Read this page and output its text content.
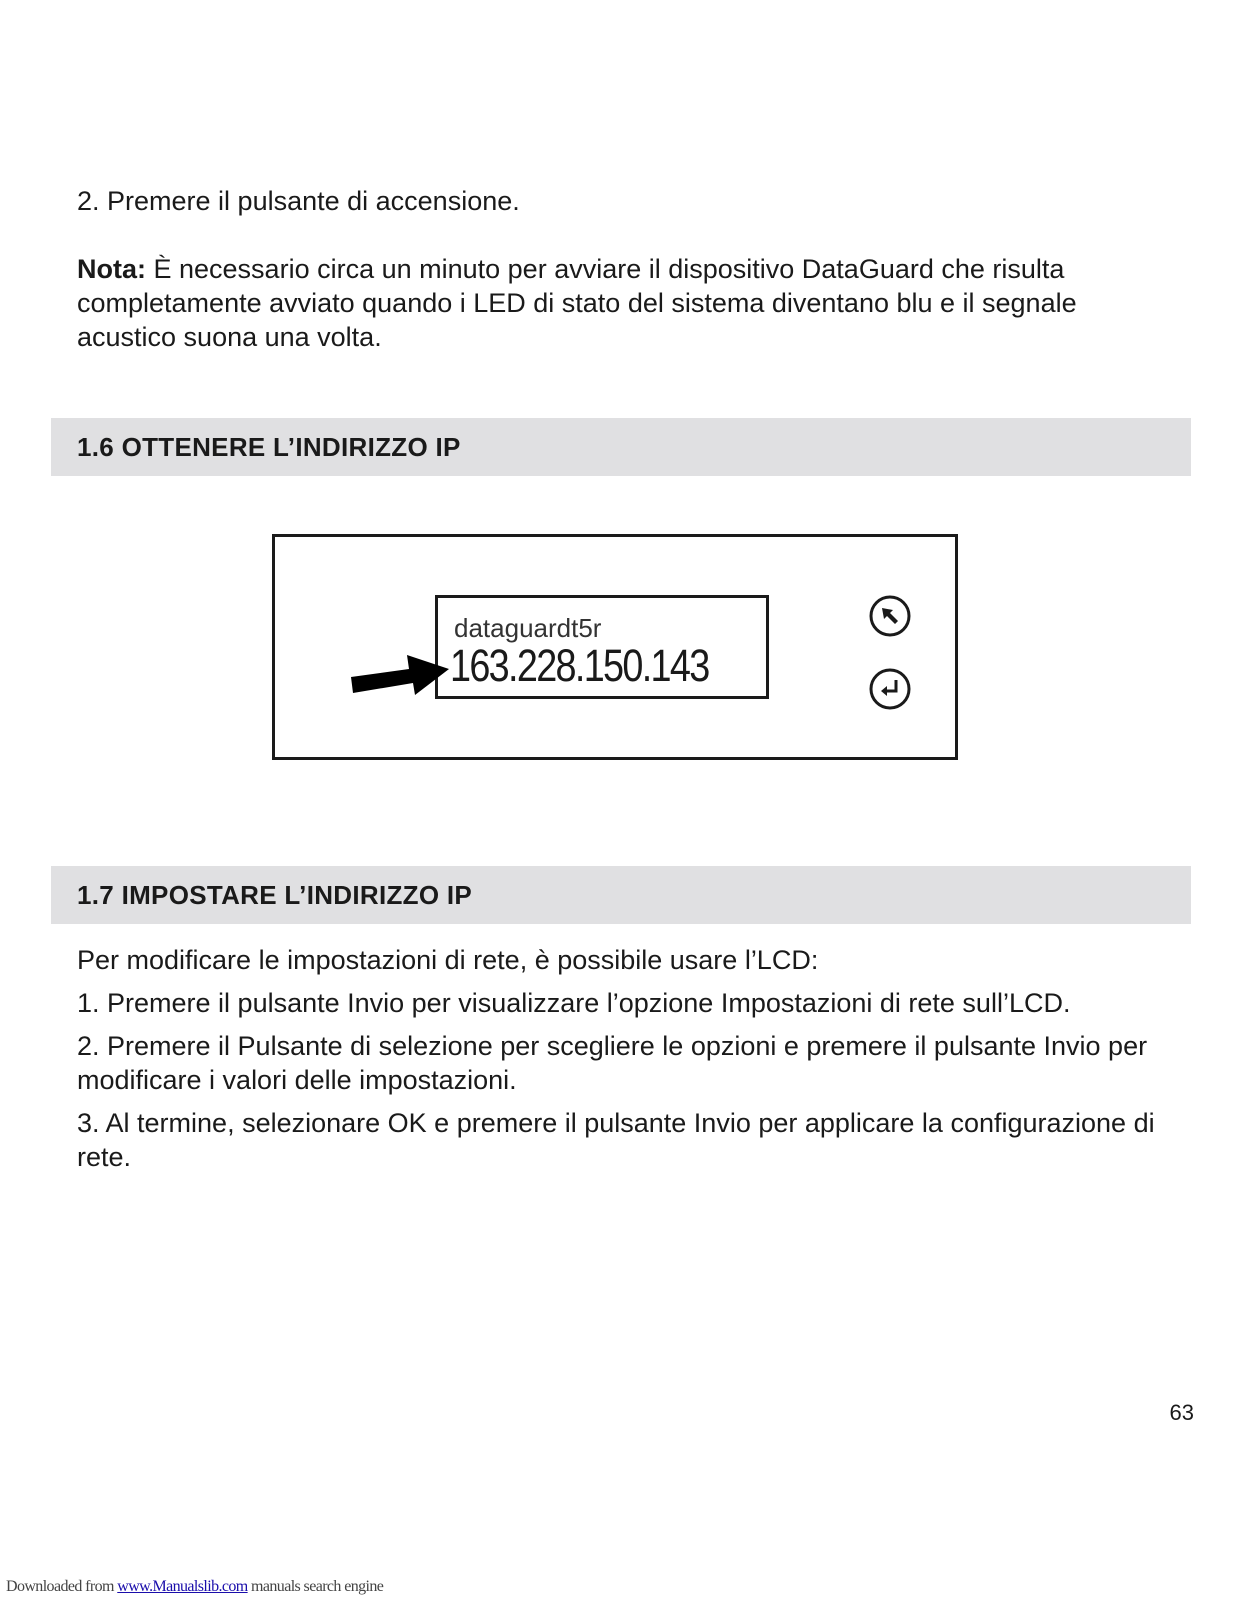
2. Premere il pulsante di accensione.

Nota: È necessario circa un minuto per avviare il dispositivo DataGuard che risulta completamente avviato quando i LED di stato del sistema diventano blu e il segnale acustico suona una volta.

1.6 OTTENERE L’INDIRIZZO IP
dataguardt5r
163.228.150.143
1.7 IMPOSTARE L’INDIRIZZO IP

Per modificare le impostazioni di rete, è possibile usare l’LCD:

1. Premere il pulsante Invio per visualizzare l’opzione Impostazioni di rete sull’LCD.

2. Premere il Pulsante di selezione per scegliere le opzioni e premere il pulsante Invio per modificare i valori delle impostazioni.

3. Al termine, selezionare OK e premere il pulsante Invio per applicare la configurazione di rete.

63
Downloaded from www.Manualslib.com manuals search engine
